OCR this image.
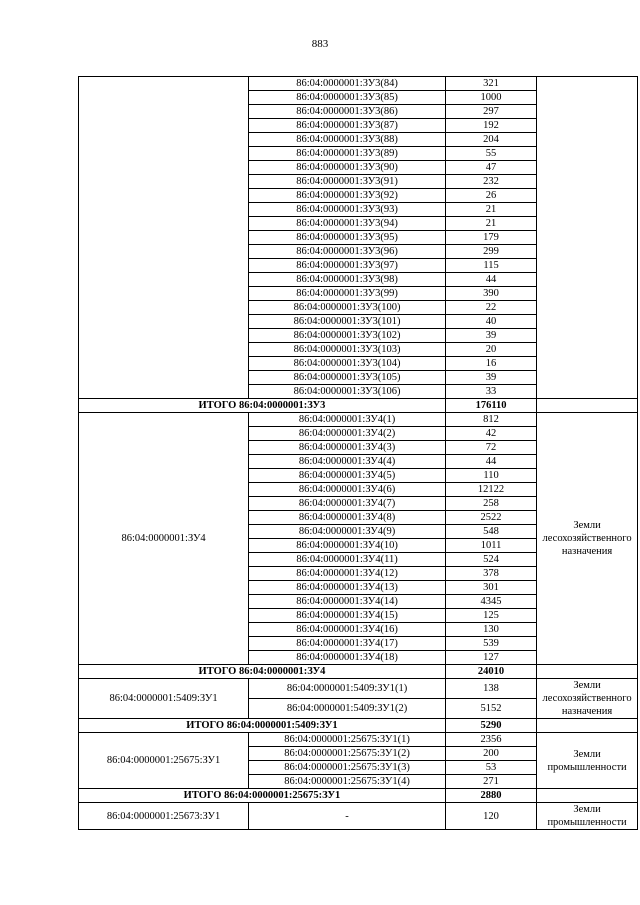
883
	86:04:0000001:ЗУ3(84)	321	
	86:04:0000001:ЗУ3(85)	1000	
	86:04:0000001:ЗУ3(86)	297	
	86:04:0000001:ЗУ3(87)	192	
	86:04:0000001:ЗУ3(88)	204	
	86:04:0000001:ЗУ3(89)	55	
	86:04:0000001:ЗУ3(90)	47	
	86:04:0000001:ЗУ3(91)	232	
	86:04:0000001:ЗУ3(92)	26	
	86:04:0000001:ЗУ3(93)	21	
	86:04:0000001:ЗУ3(94)	21	
	86:04:0000001:ЗУ3(95)	179	
	86:04:0000001:ЗУ3(96)	299	
	86:04:0000001:ЗУ3(97)	115	
	86:04:0000001:ЗУ3(98)	44	
	86:04:0000001:ЗУ3(99)	390	
	86:04:0000001:ЗУ3(100)	22	
	86:04:0000001:ЗУ3(101)	40	
	86:04:0000001:ЗУ3(102)	39	
	86:04:0000001:ЗУ3(103)	20	
	86:04:0000001:ЗУ3(104)	16	
	86:04:0000001:ЗУ3(105)	39	
	86:04:0000001:ЗУ3(106)	33	
ИТОГО 86:04:0000001:ЗУ3		176110	
86:04:0000001:ЗУ4	86:04:0000001:ЗУ4(1)	812	Земли лесохозяйственного назначения
	86:04:0000001:ЗУ4(2)	42	
	86:04:0000001:ЗУ4(3)	72	
	86:04:0000001:ЗУ4(4)	44	
	86:04:0000001:ЗУ4(5)	110	
	86:04:0000001:ЗУ4(6)	12122	
	86:04:0000001:ЗУ4(7)	258	
	86:04:0000001:ЗУ4(8)	2522	
	86:04:0000001:ЗУ4(9)	548	
	86:04:0000001:ЗУ4(10)	1011	
	86:04:0000001:ЗУ4(11)	524	
	86:04:0000001:ЗУ4(12)	378	
	86:04:0000001:ЗУ4(13)	301	
	86:04:0000001:ЗУ4(14)	4345	
	86:04:0000001:ЗУ4(15)	125	
	86:04:0000001:ЗУ4(16)	130	
	86:04:0000001:ЗУ4(17)	539	
	86:04:0000001:ЗУ4(18)	127	
ИТОГО 86:04:0000001:ЗУ4		24010	
86:04:0000001:5409:ЗУ1	86:04:0000001:5409:ЗУ1(1)	138	Земли лесохозяйственного назначения
	86:04:0000001:5409:ЗУ1(2)	5152	
ИТОГО 86:04:0000001:5409:ЗУ1		5290	
86:04:0000001:25675:ЗУ1	86:04:0000001:25675:ЗУ1(1)	2356	Земли промышленности
	86:04:0000001:25675:ЗУ1(2)	200	
	86:04:0000001:25675:ЗУ1(3)	53	
	86:04:0000001:25675:ЗУ1(4)	271	
ИТОГО 86:04:0000001:25675:ЗУ1		2880	
86:04:0000001:25673:ЗУ1	-	120	Земли промышленности
